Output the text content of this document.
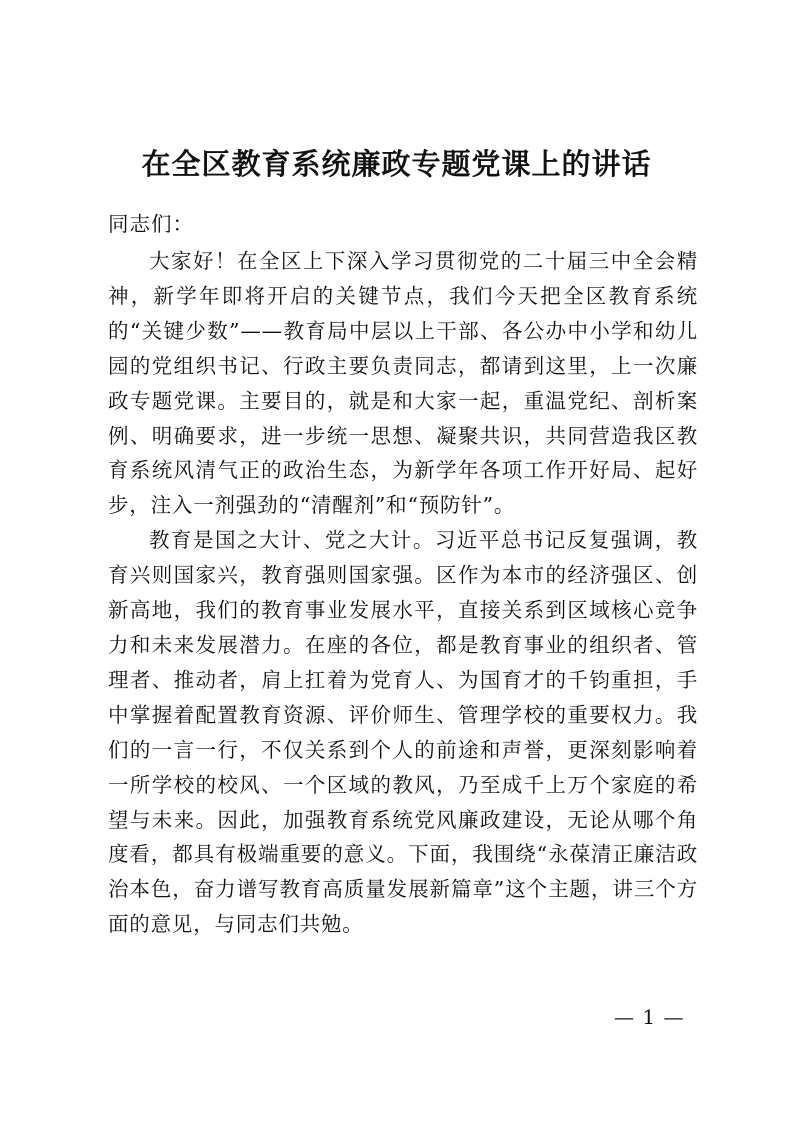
在全区教育系统廉政专题党课上的讲话
同志们：

大家好！在全区上下深入学习贯彻党的二十届三中全会精神，新学年即将开启的关键节点，我们今天把全区教育系统的“关键少数”——教育局中层以上干部、各公办中小学和幼儿园的党组织书记、行政主要负责同志，都请到这里，上一次廉政专题党课。主要目的，就是和大家一起，重温党纪、剖析案例、明确要求，进一步统一思想、凝聚共识，共同营造我区教育系统风清气正的政治生态，为新学年各项工作开好局、起好步，注入一剂强劲的“清醒剂”和“预防针”。

教育是国之大计、党之大计。习近平总书记反复强调，教育兴则国家兴，教育强则国家强。区作为本市的经济强区、创新高地，我们的教育事业发展水平，直接关系到区域核心竞争力和未来发展潜力。在座的各位，都是教育事业的组织者、管理者、推动者，肩上扛着为党育人、为国育才的千钧重担，手中掌握着配置教育资源、评价师生、管理学校的重要权力。我们的一言一行，不仅关系到个人的前途和声誉，更深刻影响着一所学校的校风、一个区域的教风，乃至成千上万个家庭的希望与未来。因此，加强教育系统党风廉政建设，无论从哪个角度看，都具有极端重要的意义。下面，我围绕“永葆清正廉洁政治本色，奋力谱写教育高质量发展新篇章”这个主题，讲三个方面的意见，与同志们共勉。

— 1 —
